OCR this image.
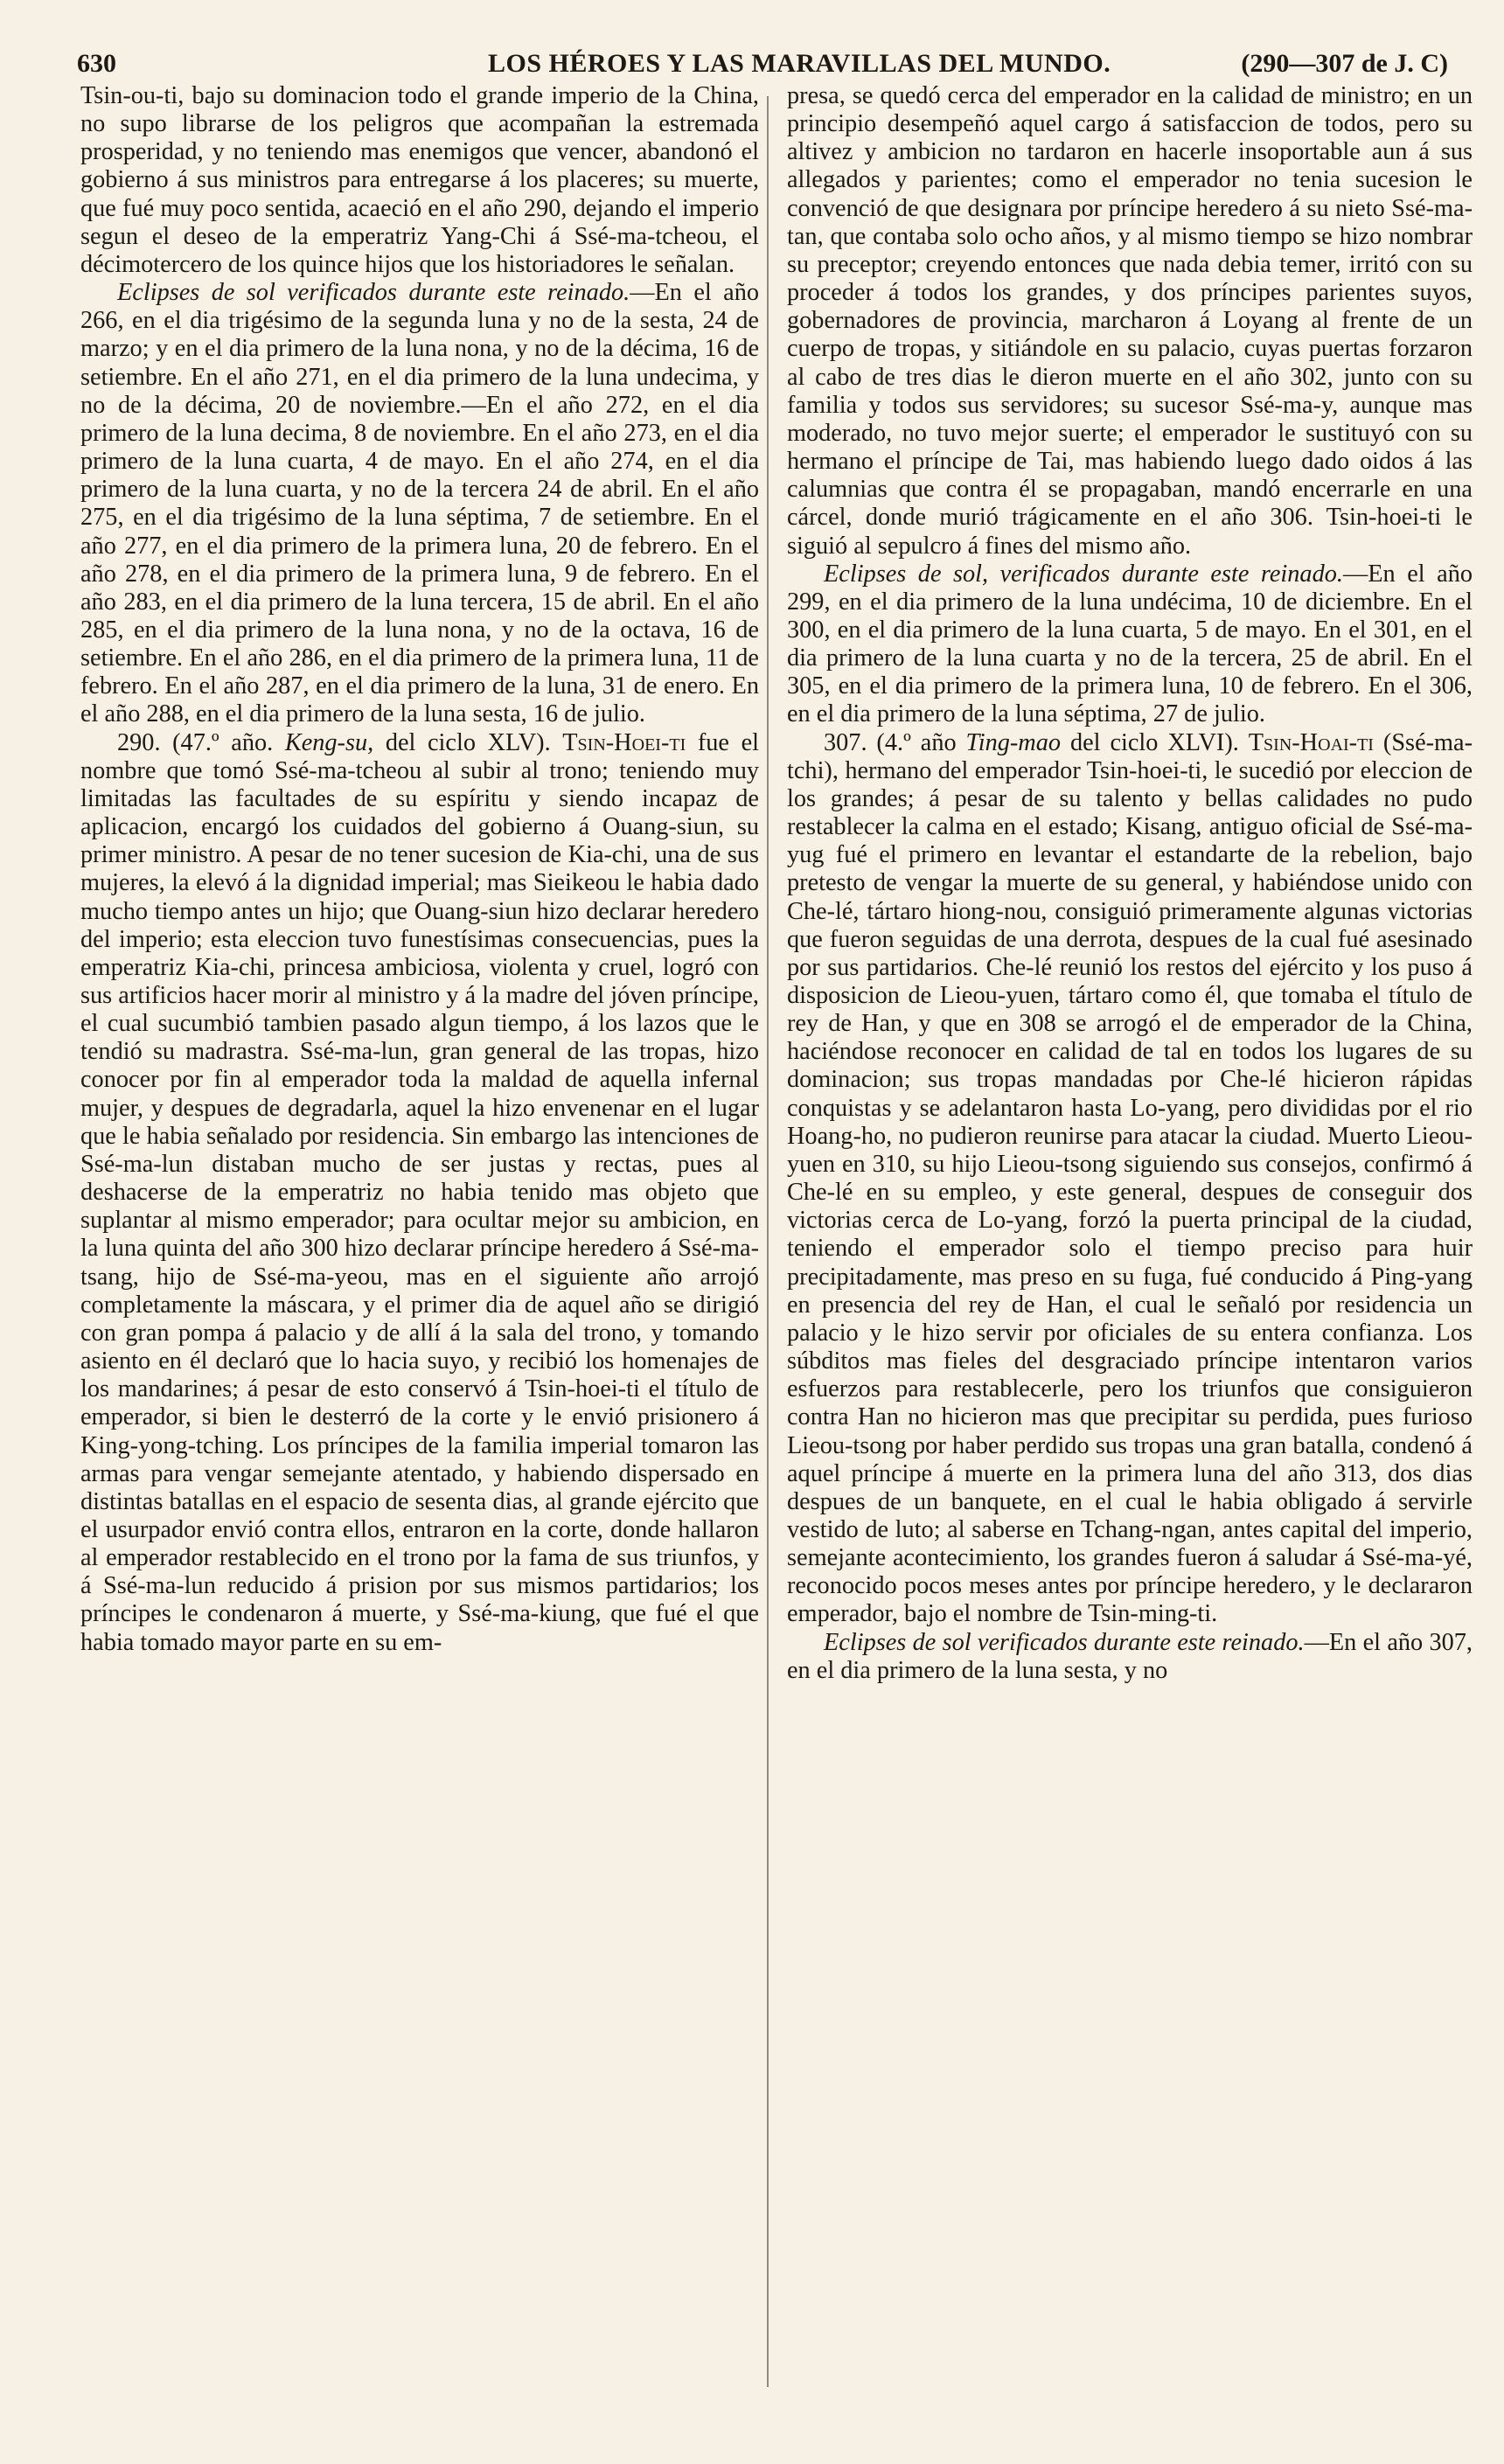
630	LOS HÉROES Y LAS MARAVILLAS DEL MUNDO.	(290—307 de J. C)

Tsin-ou-ti, bajo su dominacion todo el grande imperio de la China, no supo librarse de los peligros que acompañan la estremada prosperidad, y no teniendo mas enemigos que vencer, abandonó el gobierno á sus ministros para entregarse á los placeres; su muerte, que fué muy poco sentida, acaeció en el año 290, dejando el imperio segun el deseo de la emperatriz Yang-Chi á Ssé-ma-tcheou, el décimotercero de los quince hijos que los historiadores le señalan.

Eclipses de sol verificados durante este reinado.—En el año 266, en el dia trigésimo de la segunda luna y no de la sesta, 24 de marzo; y en el dia primero de la luna nona, y no de la décima, 16 de setiembre. En el año 271, en el dia primero de la luna undecima, y no de la décima, 20 de noviembre.—En el año 272, en el dia primero de la luna decima, 8 de noviembre. En el año 273, en el dia primero de la luna cuarta, 4 de mayo. En el año 274, en el dia primero de la luna cuarta, y no de la tercera 24 de abril. En el año 275, en el dia trigésimo de la luna séptima, 7 de setiembre. En el año 277, en el dia primero de la primera luna, 20 de febrero. En el año 278, en el dia primero de la primera luna, 9 de febrero. En el año 283, en el dia primero de la luna tercera, 15 de abril. En el año 285, en el dia primero de la luna nona, y no de la octava, 16 de setiembre. En el año 286, en el dia primero de la primera luna, 11 de febrero. En el año 287, en el dia primero de la luna, 31 de enero. En el año 288, en el dia primero de la luna sesta, 16 de julio.

290. (47.º año. Keng-su, del ciclo XLV). Tsin-Hoei-ti fue el nombre que tomó Ssé-ma-tcheou al subir al trono; teniendo muy limitadas las facultades de su espíritu y siendo incapaz de aplicacion, encargó los cuidados del gobierno á Ouang-siun, su primer ministro. A pesar de no tener sucesion de Kia-chi, una de sus mujeres, la elevó á la dignidad imperial; mas Sieikeou le habia dado mucho tiempo antes un hijo; que Ouang-siun hizo declarar heredero del imperio; esta eleccion tuvo funestísimas consecuencias, pues la emperatriz Kia-chi, princesa ambiciosa, violenta y cruel, logró con sus artificios hacer morir al ministro y á la madre del jóven príncipe, el cual sucumbió tambien pasado algun tiempo, á los lazos que le tendió su madrastra. Ssé-ma-lun, gran general de las tropas, hizo conocer por fin al emperador toda la maldad de aquella infernal mujer, y despues de degradarla, aquel la hizo envenenar en el lugar que le habia señalado por residencia. Sin embargo las intenciones de Ssé-ma-lun distaban mucho de ser justas y rectas, pues al deshacerse de la emperatriz no habia tenido mas objeto que suplantar al mismo emperador; para ocultar mejor su ambicion, en la luna quinta del año 300 hizo declarar príncipe heredero á Ssé-ma-tsang, hijo de Ssé-ma-yeou, mas en el siguiente año arrojó completamente la máscara, y el primer dia de aquel año se dirigió con gran pompa á palacio y de allí á la sala del trono, y tomando asiento en él declaró que lo hacia suyo, y recibió los homenajes de los mandarines; á pesar de esto conservó á Tsin-hoei-ti el título de emperador, si bien le desterró de la corte y le envió prisionero á King-yong-tching. Los príncipes de la familia imperial tomaron las armas para vengar semejante atentado, y habiendo dispersado en distintas batallas en el espacio de sesenta dias, al grande ejército que el usurpador envió contra ellos, entraron en la corte, donde hallaron al emperador restablecido en el trono por la fama de sus triunfos, y á Ssé-ma-lun reducido á prision por sus mismos partidarios; los príncipes le condenaron á muerte, y Ssé-ma-kiung, que fué el que habia tomado mayor parte en su em-

presa, se quedó cerca del emperador en la calidad de ministro; en un principio desempeñó aquel cargo á satisfaccion de todos, pero su altivez y ambicion no tardaron en hacerle insoportable aun á sus allegados y parientes; como el emperador no tenia sucesion le convenció de que designara por príncipe heredero á su nieto Ssé-ma-tan, que contaba solo ocho años, y al mismo tiempo se hizo nombrar su preceptor; creyendo entonces que nada debia temer, irritó con su proceder á todos los grandes, y dos príncipes parientes suyos, gobernadores de provincia, marcharon á Loyang al frente de un cuerpo de tropas, y sitiándole en su palacio, cuyas puertas forzaron al cabo de tres dias le dieron muerte en el año 302, junto con su familia y todos sus servidores; su sucesor Ssé-ma-y, aunque mas moderado, no tuvo mejor suerte; el emperador le sustituyó con su hermano el príncipe de Tai, mas habiendo luego dado oidos á las calumnias que contra él se propagaban, mandó encerrarle en una cárcel, donde murió trágicamente en el año 306. Tsin-hoei-ti le siguió al sepulcro á fines del mismo año.

Eclipses de sol, verificados durante este reinado.—En el año 299, en el dia primero de la luna undécima, 10 de diciembre. En el 300, en el dia primero de la luna cuarta, 5 de mayo. En el 301, en el dia primero de la luna cuarta y no de la tercera, 25 de abril. En el 305, en el dia primero de la primera luna, 10 de febrero. En el 306, en el dia primero de la luna séptima, 27 de julio.

307. (4.º año Ting-mao del ciclo XLVI). Tsin-Hoai-ti (Ssé-ma-tchi), hermano del emperador Tsin-hoei-ti, le sucedió por eleccion de los grandes; á pesar de su talento y bellas calidades no pudo restablecer la calma en el estado; Kisang, antiguo oficial de Ssé-ma-yug fué el primero en levantar el estandarte de la rebelion, bajo pretesto de vengar la muerte de su general, y habiéndose unido con Che-lé, tártaro hiong-nou, consiguió primeramente algunas victorias que fueron seguidas de una derrota, despues de la cual fué asesinado por sus partidarios. Che-lé reunió los restos del ejército y los puso á disposicion de Lieou-yuen, tártaro como él, que tomaba el título de rey de Han, y que en 308 se arrogó el de emperador de la China, haciéndose reconocer en calidad de tal en todos los lugares de su dominacion; sus tropas mandadas por Che-lé hicieron rápidas conquistas y se adelantaron hasta Lo-yang, pero divididas por el rio Hoang-ho, no pudieron reunirse para atacar la ciudad. Muerto Lieou-yuen en 310, su hijo Lieou-tsong siguiendo sus consejos, confirmó á Che-lé en su empleo, y este general, despues de conseguir dos victorias cerca de Lo-yang, forzó la puerta principal de la ciudad, teniendo el emperador solo el tiempo preciso para huir precipitadamente, mas preso en su fuga, fué conducido á Ping-yang en presencia del rey de Han, el cual le señaló por residencia un palacio y le hizo servir por oficiales de su entera confianza. Los súbditos mas fieles del desgraciado príncipe intentaron varios esfuerzos para restablecerle, pero los triunfos que consiguieron contra Han no hicieron mas que precipitar su perdida, pues furioso Lieou-tsong por haber perdido sus tropas una gran batalla, condenó á aquel príncipe á muerte en la primera luna del año 313, dos dias despues de un banquete, en el cual le habia obligado á servirle vestido de luto; al saberse en Tchang-ngan, antes capital del imperio, semejante acontecimiento, los grandes fueron á saludar á Ssé-ma-yé, reconocido pocos meses antes por príncipe heredero, y le declararon emperador, bajo el nombre de Tsin-ming-ti.

Eclipses de sol verificados durante este reinado.—En el año 307, en el dia primero de la luna sesta, y no
